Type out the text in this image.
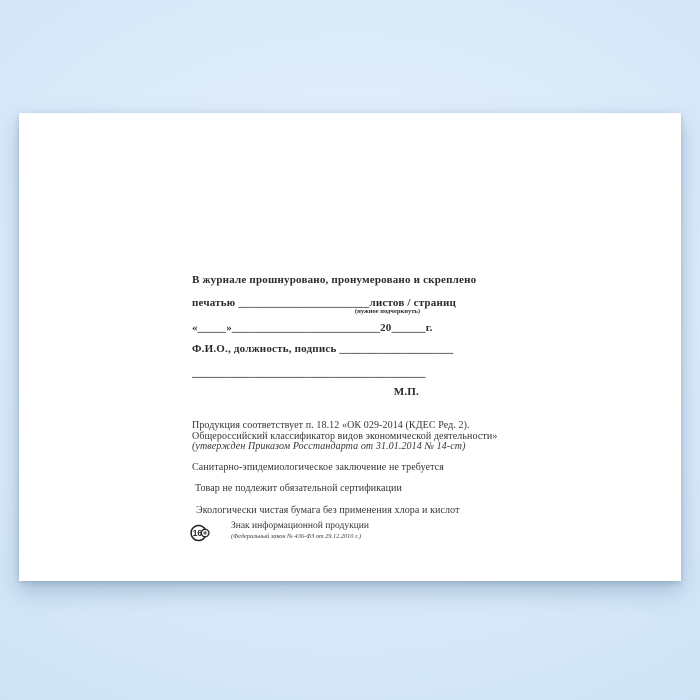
В журнале прошнуровано, пронумеровано и скреплено
печатью _______________________листов / страниц
(нужное подчеркнуть)
«_____»__________________________20______г.
Ф.И.О., должность, подпись ____________________
_________________________________________
М.П.
Продукция соответствует п. 18.12 «ОК 029-2014 (КДЕС Ред. 2).
Общероссийский классификатор видов экономической деятельности»
(утвержден Приказом Росстандарта от 31.01.2014 № 14-ст)
Санитарно-эпидемиологическое заключение не требуется
Товар не подлежит обязательной сертификации
Экологически чистая бумага без применения хлора и кислот
16 +
Знак информационной продукции
(Федеральный закон № 436-ФЗ от 29.12.2010 г.)
